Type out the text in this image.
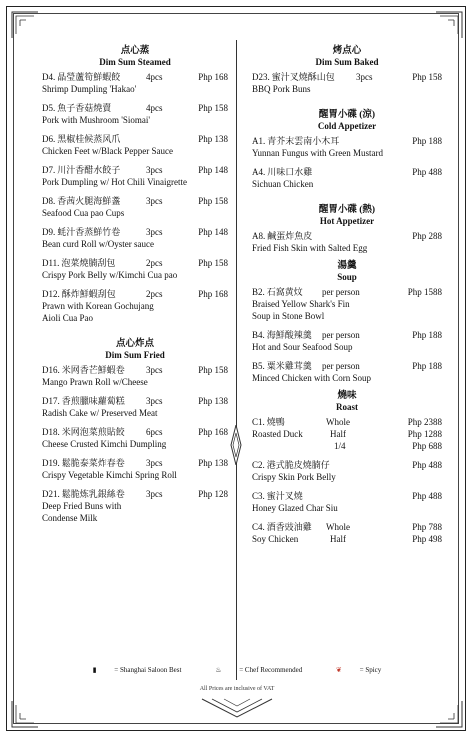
点心蒸
Dim Sum Steamed
D4. 晶瑩蘆筍鮮蝦餃	4pcs	Php 168
Shrimp Dumpling 'Hakao'
D5. 魚子香菇燒賣	4pcs	Php 158
Pork with Mushroom 'Siomai'
D6. 黑椒桂候蒸风爪	Php 138
Chicken Feet w/Black Pepper Sauce
D7. 川汁香醋水餃子	3pcs	Php 148
Pork Dumpling w/ Hot Chili Vinaigrette
D8. 香茜火腿海鮮盞	3pcs	Php 158
Seafood Cua pao Cups
D9. 蚝汁香蒸鮮竹卷	3pcs	Php 148
Bean curd Roll w/Oyster sauce
D11. 泡菜燒腩刮包	2pcs	Php 158
Crispy Pork Belly w/Kimchi Cua pao
D12. 酥炸鮮蝦刮包	2pcs	Php 168
Prawn with Korean Gochujang
Aioli Cua Pao
点心炸点
Dim Sum Fried
D16. 米网香芒鮮蝦卷 3pcs	Php 158
Mango Prawn Roll w/Cheese
D17. 香煎臘味蘿蔔糕 3pcs	Php 138
Radish Cake w/ Preserved Meat
D18. 米网泡菜煎貼餃 6pcs	Php 168
Cheese Crusted Kimchi Dumpling
D19. 鬆脆泰菜炸春卷 3pcs	Php 138
Crispy Vegetable Kimchi Spring Roll
D21. 鬆脆炼乳銀絲卷 3pcs	Php 128
Deep Fried Buns with
Condense Milk
烤点心
Dim Sum Baked
D23. 蜜汁叉燒酥山包 3pcs	Php 158
BBQ Pork Buns
醒胃小碟 (涼)
Cold Appetizer
A1. 青芥末雲南小木耳	Php 188
Yunnan Fungus with Green Mustard
A4. 川味口水雞	Php 488
Sichuan Chicken
醒胃小碟 (熱)
Hot Appetizer
A8. 鹹蛋炸魚皮	Php 288
Fried Fish Skin with Salted Egg
湯羹
Soup
B2. 石窩黄炆 per person	Php 1588
Braised Yellow Shark's Fin
Soup in Stone Bowl
B4. 海鮮酸辣羹 per person	Php 188
Hot and Sour Seafood Soup
B5. 粟米雞茸羹 per person	Php 188
Minced Chicken with Corn Soup
燒味
Roast
C1. 燒鴨	Whole	Php 2388
Roasted Duck	Half	Php 1288
1/4	Php 688
C2. 港式脆皮燒腩仔	Php 488
Crispy Skin Pork Belly
C3. 蜜汁叉燒	Php 488
Honey Glazed Char Siu
C4. 酒香豉油雞 Whole	Php 788
Soy Chicken	Half	Php 498
▮	= Shanghai Saloon Best	♨	= Chef Recommended	❦	= Spicy
All Prices are inclusive of VAT
